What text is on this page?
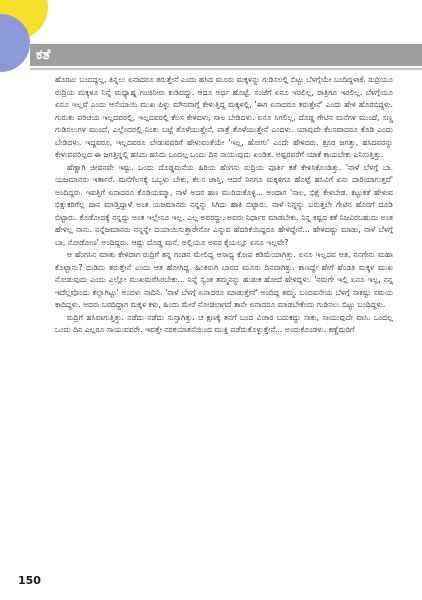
ಕತೆ

ಹೊರಟು ಬಂದದ್ದಲ್ಲ, ತಿನ್ನಲು ಏನಾದರೂ ತರುತ್ತೇನೆ ಎಂದು ಹಸಿದ ಮೂರು ಮಕ್ಕಳನ್ನು ಗುಡಿಸಲಲ್ಲಿ ಬಿಟ್ಟು ಬೆಳಗ್ಗೆಯೇ ಬಂದಿದ್ದಳಾಕೆ. ರುದ್ರಿಯೂ ರುದ್ರಿಯ ಮಕ್ಕಳೂ ನಿನ್ನೆ ಮಧ್ಯಾಹ್ನ ಗಂಜಿನೀರು ಕುಡಿದದ್ದು. ಆದೂ ಅರ್ಧ ಹೊಟ್ಟೆ. ಸಂಜೆಗೆ ಏನೂ ಇರಲಿಲ್ಲ, ರಾತ್ರಿಗೂ ಇರಲಿಲ್ಲ. ಬೆಳಗ್ಗೆಯೂ ಏನೂ ಇಲ್ಲವೆ ಎಂದು ಆಸೆಯಾಯಿ ಮುಖ ಪಿಳ್ಳು ಮೌನವಾಗ್ಗೆ ಕೇಳುತ್ತಿದ್ದ ಮಕ್ಕಳಲ್ಲಿ, 'ಈಗ ಏನಾದರೂ ತರುತ್ತೇನೆ' ಎಂದು ಹೇಳಿ ಹೊರಬಿದ್ದಳು. ಗುರುತು ಪರಿಚಯ ಇಲ್ಲದವರಲ್ಲಿ, ಇಲ್ಲದವರಲ್ಲಿ ಕೆಲಸ ಕೇಳಿದಳು, ಸಾಲ ಬೇಡಿದಳು. ಏನೂ ಸಿಗಲಿಲ್ಲ, ದೊಡ್ಡ ಗೇಟಿನ ಮನೆಗಳ ಮುಂದೆ, ಸಣ್ಣ ಗುಡಿಸಲುಗಳ ಮುಂದೆ, ಎಲ್ಲೆಂದರಲ್ಲಿ ನಿಂತು ಬಟ್ಟೆ ತೊಳೆಯುತ್ತೇನೆ, ಪಾತ್ರೆ ತೊಳೆಯುತ್ತೇನೆ ಎಂದಳು. ಯಾವುದೇ ಕೆಲಸವಾದರೂ ಕೊಡಿ ಎಂದು ಬೇಡಿದಳು. ಇದ್ದವರೂ, ಇಲ್ಲದವರೂ ಬೇಡುವವರಿಗೆ ಹೇಳುವಂತೆಯೇ 'ಇಲ್ಲ, ಹೋಗು' ಎಂದೇ ಹೇಳಿದರು. ಕ್ರೂರ ಜಗತ್ತು, ಹಸಿದವರನ್ನು ಕೇಳುವವರಿಲ್ಲದ ಈ ಜಗತ್ತಿನ್ನಲ್ಲಿ ಹಸಿದು ಹಸಿದು ಒಂದಲ್ಲ ಒಂದು ದಿನ ಸಾಯುವುದು ಖಂಡಿತ. ಅಷ್ಟರವರೆಗೆ ಯಾಕೆ ಕಾಯಬೇಕು ಎನಿಸುತ್ತಿತ್ತು.

ಹೆಣ್ಣಾಗಿ ಜೀವನವೇ ಇಷ್ಟು. ಒಂದು ದೊಡ್ಡಮನೆಯ ಹಿರಿಯ ಹೆಂಗಸು ರುದ್ರಿಯ ಪೂರ್ತಿ ಕತೆ ಕೇಳಿಸಿಕೊಂಡಿತ್ತು. 'ನಾಳೆ ಬೆಳಗ್ಗೆ ಬಾ. ಯಜಮಾನರು ಇರ್ತಾರೆ. ಮನೆಗೆಲಸಕ್ಕೆ ಒಬ್ಬಳು ಬೇಕು, ಕೆಲಸ ಜಾಸ್ತಿ, ಆದರೆ ನಿನಗೂ ಮಕ್ಕಳಿಗೂ ಹೊಟ್ಟೆ ಹಸಿವಿಗೆ ಏನು ದಾರಿಯಾಗುತ್ತದೆ' ಅಂದಿದ್ದರು. ಇವತ್ತಿಗೆ ಏನಾದರೂ ಕೊಡಿಯಮ್ಮಾ, ನಾಳೆ ಅದರ ಹಣ ಮುರಿದುಕೊಳ್ಳಿ... ಅಂದಾಗ 'ಸಾಲ, ಭಿಕ್ಷೆ ಕೇಳಬೇಡ. ಕಟ್ಟುಕತೆ ಹೇಳುವ ಭಿಕ್ಷುಕರಿಗೆಲ್ಲ ದಾನ ಮಾಡ್ತಿದ್ದಾಳೆ ಅಂತ ಯಜಮಾನರು ನನ್ನನ್ನು ಸಿಗಿದು ಹಾಕಿ ಬಿಟ್ಟಾರು. ನಾಳೆ ನಿನ್ನನ್ನು ಬರುತ್ತಲೇ ಗೇಟಿನ ಹೊರಗೆ ದೂಡಿ ಬಿಟ್ಟಾರು. ಕೊಡೋದಕ್ಕೆ ನನ್ನದ್ದು ಅಂತ ಇಲ್ಲೇನೂ ಇಲ್ಲ. ಎಲ್ಲ ಅವರದ್ದು. ಅವರು ನಿರ್ಧಾರ ಮಾಡಬೇಕು. ನಿನ್ನ ಕಷ್ಟದ ಕತೆ ನಿಜವಿರಬಹುದು ಅಂತ ಹೇಳಲ್ಲ ನಾನು. ನನ್ನೆಜಮಾನರು ನನ್ನನ್ನೇ ದಯಾಯಿಸುತ್ತಾರೇನೋ ಎನ್ನುವ ಹೆದರಿಕೆಯಿದ್ದರೂ ಹೇಳಿದ್ದೇನೆ... ಹೇಳಿದಷ್ಟು ಮಾಡು, ನಾಳೆ ಬೆಳಗ್ಗೆ ಬಾ, ನೋಡೋಣ' ಅಂದಿದ್ದರು. ಆಷ್ಟು ದೊಡ್ಡ ಮನೆ, ಅಲ್ಲಿಯೂ ಅವರ ಕೈಯಲ್ಲೂ ಏನೂ ಇಲ್ಲವೇ?

ಆ ಹೆಂಗಸಿನ ಮಾತು ಕೇಳಿದಾಗ ರುದ್ರಿಗೆ ತನ್ನ ಗಂಡನ ಮೇಲಿದ್ದ ಆಸಾಧ್ಯ ಕೋಪ ಕಡಿಮೆಯಾಗಿತ್ತು. ಏನೂ ಇಲ್ಲದವ ಆತ, ನನಗೇನು ಮಹಾ ಕೊಟ್ಟಾನು? ದುಡಿದು ತರುತ್ತೇನೆ ಎಂದು ಆತ ಹೋಗಿದ್ದ. ಹಿಂತಿರುಗಿ ಬಾರದ ಮೂರು ದಿನವಾಗಿತ್ತು. ಕಾಣದ್ದೇ ಹೇಗೆ ಹೆಂಡತಿ ಮಕ್ಕಳ ಮುಖ ನೋಡುವುದು ಎಂದು ಎಲ್ಲೋ ಮುಖಮರೆಸಿರಬೇಕು... ನಿನ್ನೆ ಸ್ವಂತ ತಮ್ಮನನ್ನು ಹುಡುಕ ಹೋದೆ ಹೇಳಿದ್ದಳು. 'ನಮಗೇ ಇಲ್ಲಿ ಏನೂ ಇಲ್ಲ, ನನ್ನ ಇದೆಲ್ಲವೊಂದು ಕಲ್ಲಾಗಿಟ್ಟು' ಅಂದಳು ನಾದಿನಿ. 'ನಾಳೆ ಬೆಳಗ್ಗೆ ಏನಾದರೂ ಮಾಡುತ್ತೇನೆ' ಅಂದಿದ್ದ ತಮ್ಮ. ಬಂದವನೇಯ ಬೆಳಗ್ಗೆ ಸಾಕಷ್ಟು ಸಮಯ ಕಾದಿದ್ದಳು. ಆದರು ಬರದಿದ್ದಾಗ ಮಕ್ಕಳ ಕಳು, ಹಿಂದು ಮೇರೆ ನೋಡಲಾಗದೆ ತಾನೇ ಏನಾದರೂ ಮಾಡಬೇಕೆಂದು ಗುಡಿಸಲು ಬಿಟ್ಟು ಬಂದಿದ್ದಳು.

ರುದ್ರಿಗೆ ಹಸಿವಾಗುತ್ತಿತ್ತು. ನಡೆದು ನಡೆದು ಸುಸ್ತಾಗಿತ್ತು. ಚ ಕ್ಷಣಕ್ಕೆ ತನಗೆ ಬಂದ ವಿಚಾರ ಬದುಕದ್ದು ಸಾಕು, ಸಾಯುವುದೇ ವಾಸಿ. ಒಂದಲ್ಲ ಒಂದು ದಿನ ಎಲ್ಲರೂ ಸಾಯುವವರೇ. ಇವತ್ತೇ ನರಕಯಾತನೆಯಿಂದ ಮುಕ್ತಿ ಪಡೆದುಕೊಳ್ಳುತ್ತೇನೆ... ಅಂದುಕೊಂಡಳು. ಕಣ್ಣೆದುರಿಗೆ

150
